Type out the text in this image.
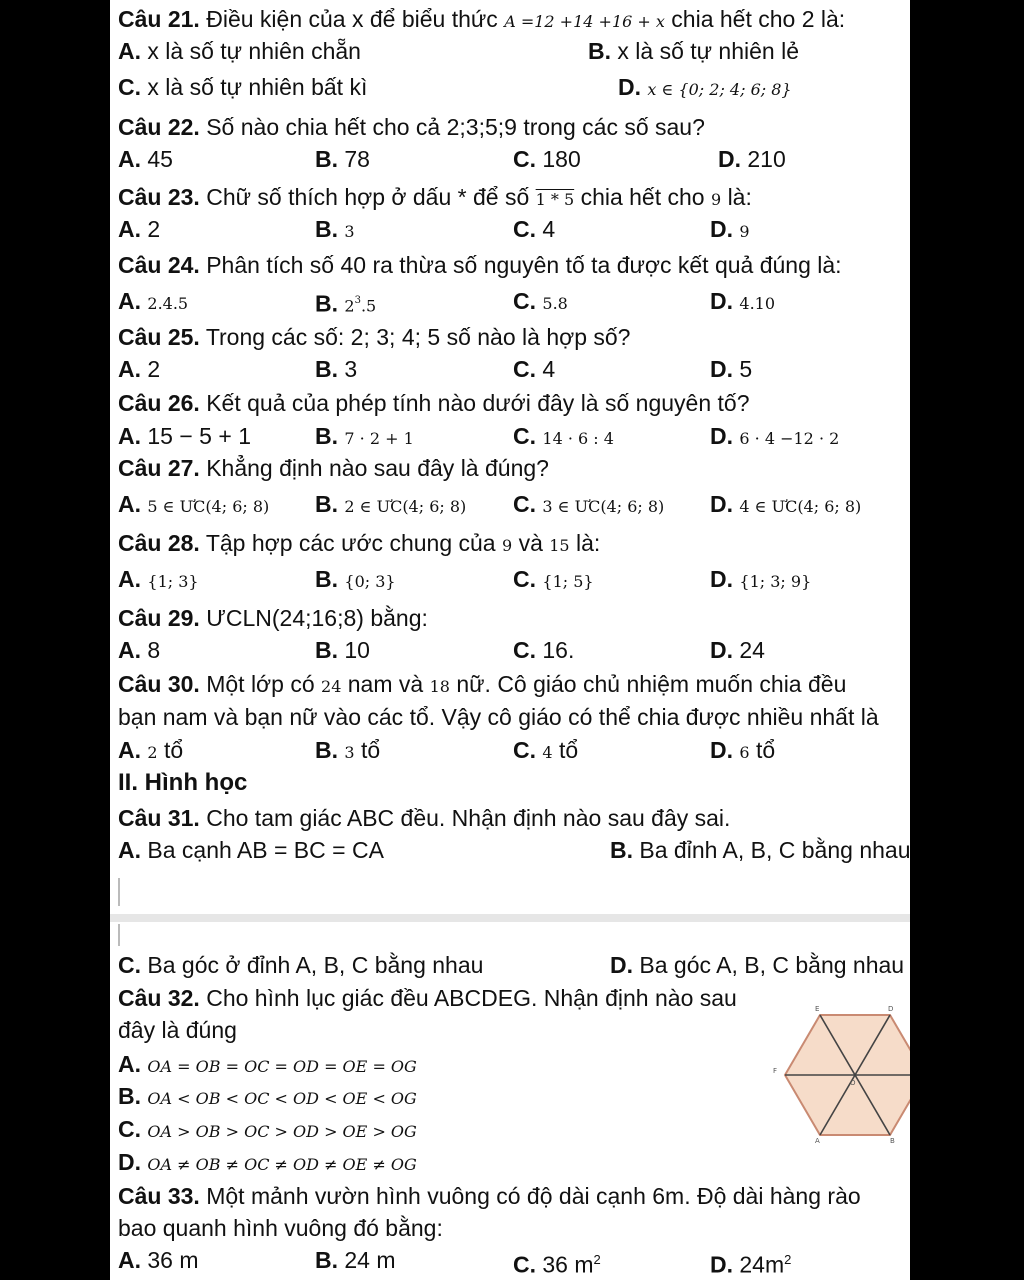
Câu 21. Điều kiện của x để biểu thức A =12 +14 +16 + x chia hết cho 2 là:
A. x là số tự nhiên chẵn	B. x là số tự nhiên lẻ
C. x là số tự nhiên bất kì	D. x ∈ {0; 2; 4; 6; 8}
Câu 22. Số nào chia hết cho cả 2;3;5;9 trong các số sau?
A. 45	B. 78	C. 180	D. 210
Câu 23. Chữ số thích hợp ở dấu * để số 1 * 5 chia hết cho 9 là:
A. 2	B. 3	C. 4	D. 9
Câu 24. Phân tích số 40 ra thừa số nguyên tố ta được kết quả đúng là:
A. 2.4.5	B. $2^3.5$	C. 5.8	D. 4.10
Câu 25. Trong các số: 2; 3; 4; 5 số nào là hợp số?
A. 2	B. 3	C. 4	D. 5
Câu 26. Kết quả của phép tính nào dưới đây là số nguyên tố?
A. 15 − 5 + 1	B. 7 · 2 + 1	C. 14 · 6 : 4	D. 6 · 4 −12 · 2
Câu 27. Khẳng định nào sau đây là đúng?
A. 5 ∈ ƯC(4; 6; 8) B. 2 ∈ ƯC(4; 6; 8) C. 3 ∈ ƯC(4; 6; 8) D. 4 ∈ ƯC(4; 6; 8)
Câu 28. Tập hợp các ước chung của 9 và 15 là:
A. {1; 3}	B. {0; 3}	C. {1; 5}	D. {1; 3; 9}
Câu 29. ƯCLN(24;16;8) bằng:
A. 8	B. 10	C. 16.	D. 24
Câu 30. Một lớp có 24 nam và 18 nữ. Cô giáo chủ nhiệm muốn chia đều
bạn nam và bạn nữ vào các tổ. Vậy cô giáo có thể chia được nhiều nhất là
A. 2 tổ	B. 3 tổ	C. 4 tổ	D. 6 tổ
II. Hình học
Câu 31. Cho tam giác ABC đều. Nhận định nào sau đây sai.
A. Ba cạnh AB = BC = CA	B. Ba đỉnh A, B, C bằng nhau
C. Ba góc ở đỉnh A, B, C bằng nhau	D. Ba góc A, B, C bằng nhau
Câu 32. Cho hình lục giác đều ABCDEG. Nhận định nào sau
đây là đúng
A. OA = OB = OC = OD = OE = OG
B. OA < OB < OC < OD < OE < OG
C. OA > OB > OC > OD > OE > OG
D. OA ≠ OB ≠ OC ≠ OD ≠ OE ≠ OG
E	D
F
O
A	B
Câu 33. Một mảnh vườn hình vuông có độ dài cạnh 6m. Độ dài hàng rào
bao quanh hình vuông đó bằng:
A. 36 m	B. 24 m	C. 36 $m^2$	D. $24m^2$
